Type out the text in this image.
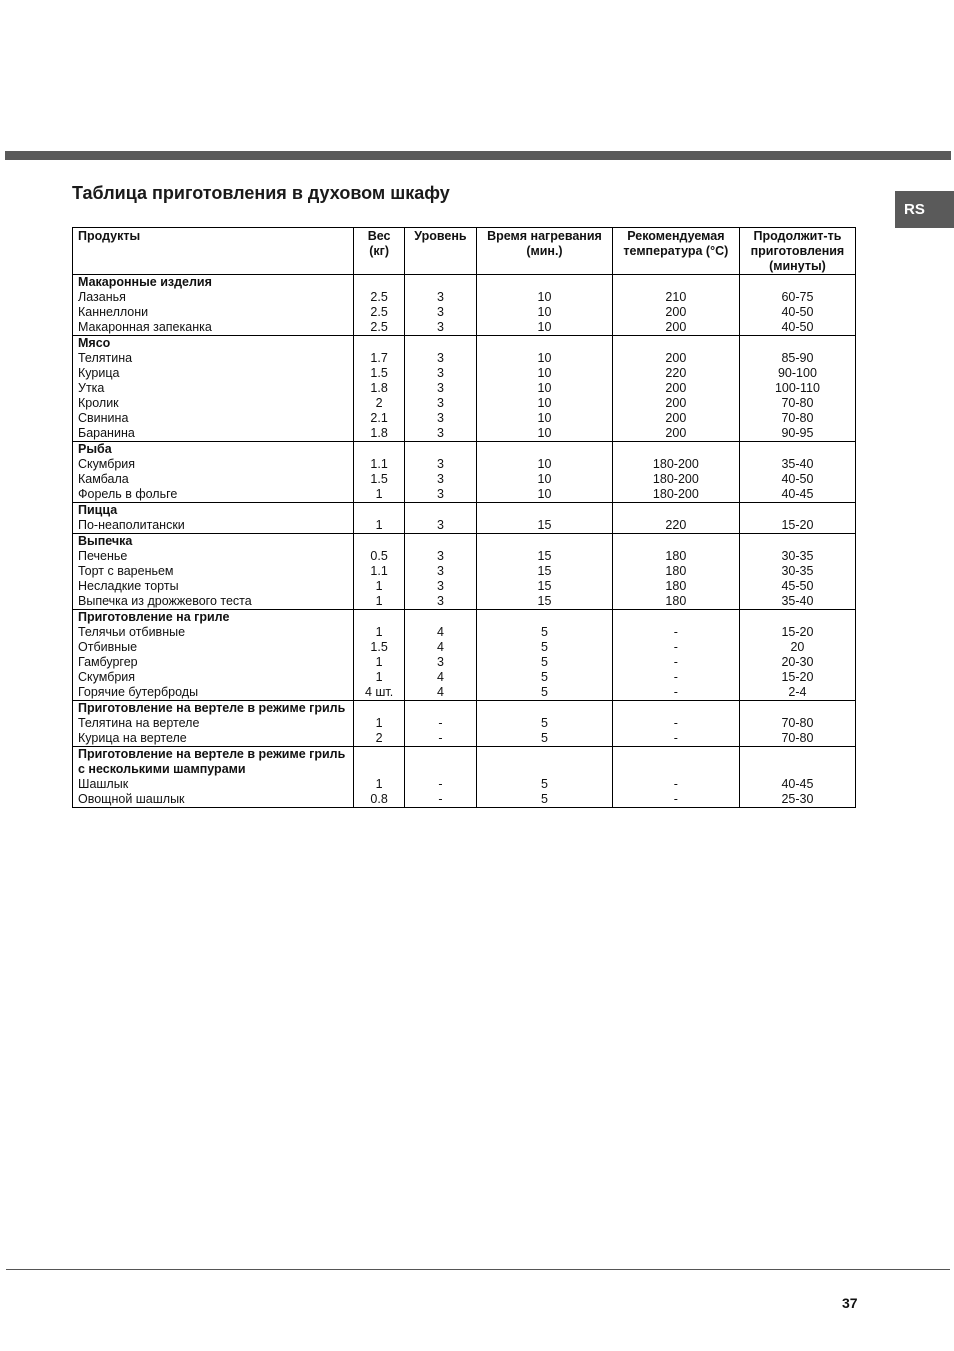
RS
Таблица приготовления в духовом шкафу
Продукты	Вес (кг)	Уровень	Время нагревания (мин.)	Рекомендуемая температура (°C)	Продолжит-ть приготовления (минуты)
Макаронные изделия					
Лазанья	2.5	3	10	210	60-75
Каннеллони	2.5	3	10	200	40-50
Макаронная запеканка	2.5	3	10	200	40-50
Мясо					
Телятина	1.7	3	10	200	85-90
Курица	1.5	3	10	220	90-100
Утка	1.8	3	10	200	100-110
Кролик	2	3	10	200	70-80
Свинина	2.1	3	10	200	70-80
Баранина	1.8	3	10	200	90-95
Рыба					
Скумбрия	1.1	3	10	180-200	35-40
Камбала	1.5	3	10	180-200	40-50
Форель в фольге	1	3	10	180-200	40-45
Пицца					
По-неаполитански	1	3	15	220	15-20
Выпечка					
Печенье	0.5	3	15	180	30-35
Торт с вареньем	1.1	3	15	180	30-35
Несладкие торты	1	3	15	180	45-50
Выпечка из дрожжевого теста	1	3	15	180	35-40
Приготовление на гриле					
Телячьи отбивные	1	4	5	-	15-20
Отбивные	1.5	4	5	-	20
Гамбургер	1	3	5	-	20-30
Скумбрия	1	4	5	-	15-20
Горячие бутерброды	4 шт.	4	5	-	2-4
Приготовление на вертеле в режиме гриль					
Телятина на вертеле	1	-	5	-	70-80
Курица на вертеле	2	-	5	-	70-80
Приготовление на вертеле в режиме гриль с несколькими шампурами					
Шашлык	1	-	5	-	40-45
Овощной шашлык	0.8	-	5	-	25-30
37
